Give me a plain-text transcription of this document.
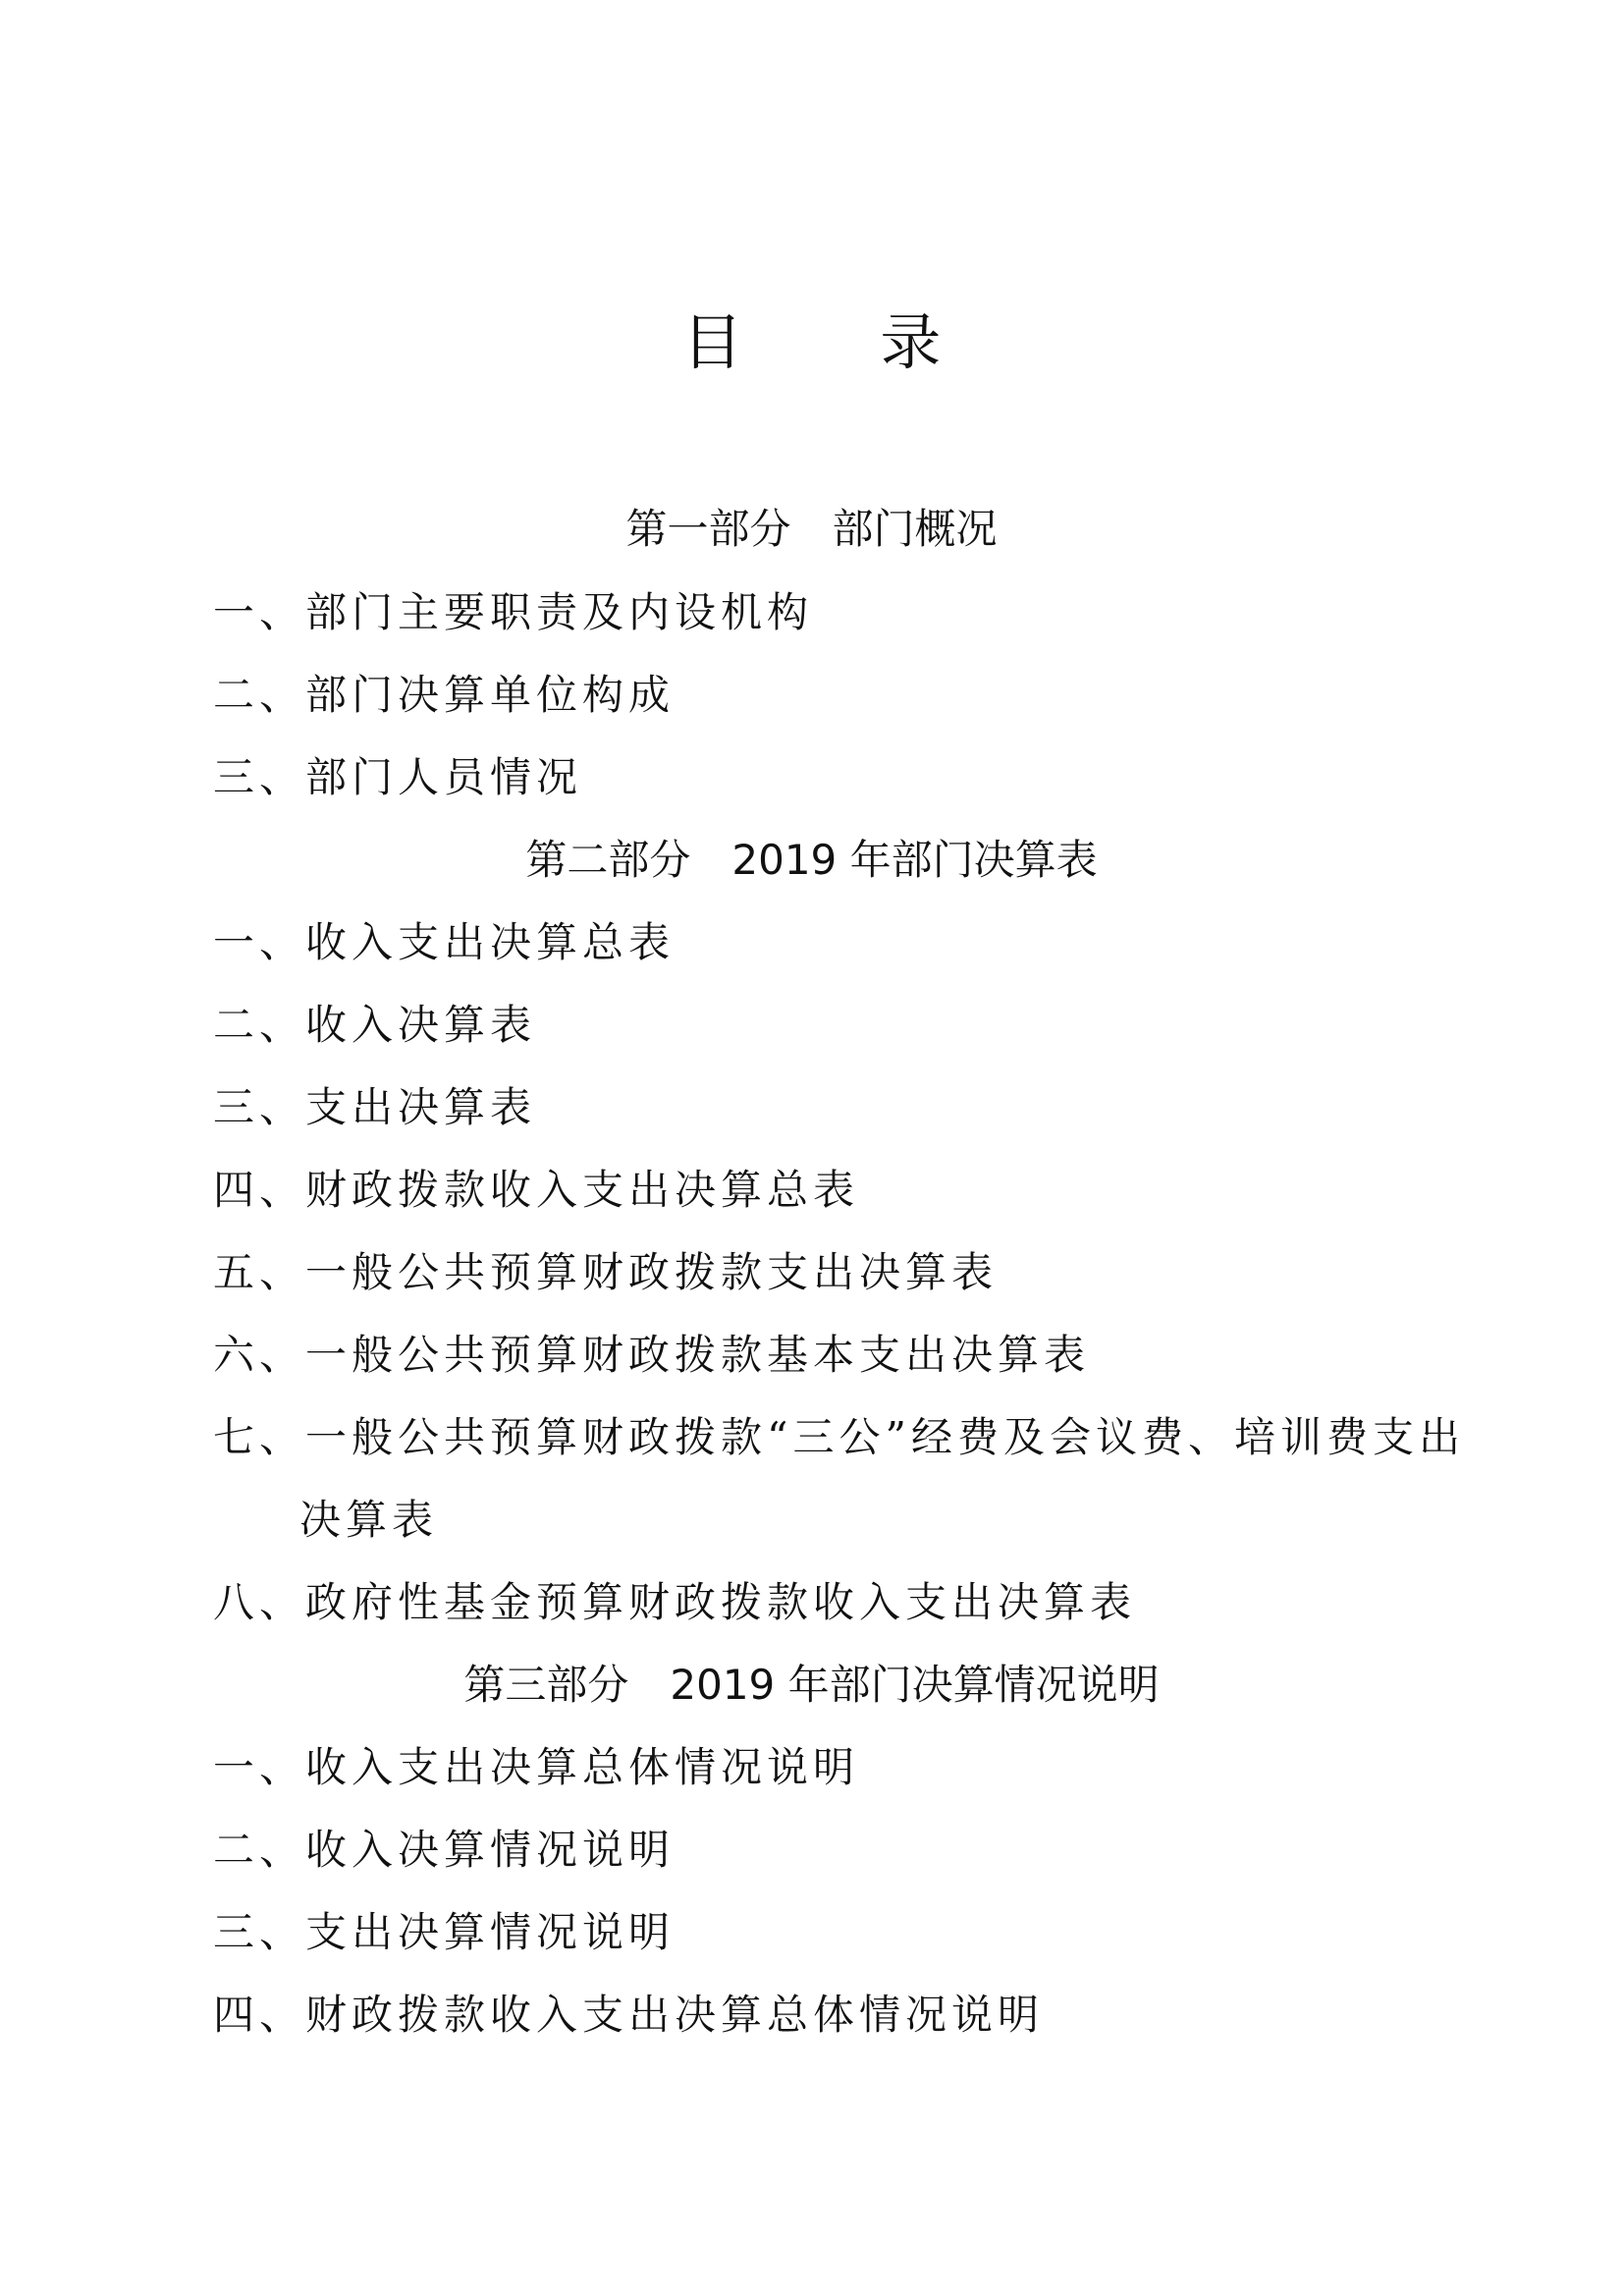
目 录
第一部分　部门概况
一、部门主要职责及内设机构
二、部门决算单位构成
三、部门人员情况
第二部分　2019 年部门决算表
一、收入支出决算总表
二、收入决算表
三、支出决算表
四、财政拨款收入支出决算总表
五、一般公共预算财政拨款支出决算表
六、一般公共预算财政拨款基本支出决算表
七、一般公共预算财政拨款“三公”经费及会议费、培训费支出
决算表
八、政府性基金预算财政拨款收入支出决算表
第三部分　2019 年部门决算情况说明
一、收入支出决算总体情况说明
二、收入决算情况说明
三、支出决算情况说明
四、财政拨款收入支出决算总体情况说明
